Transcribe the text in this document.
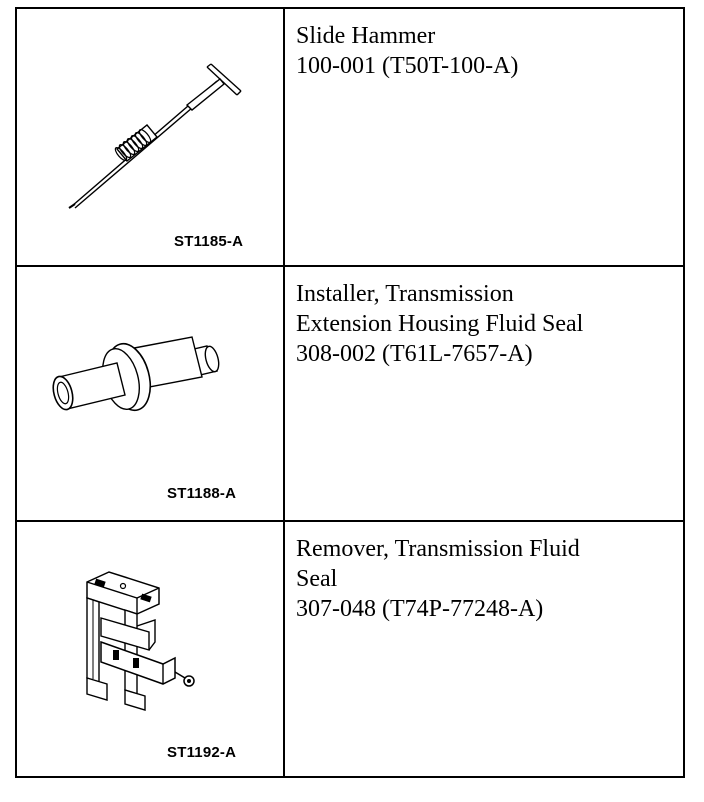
ST1185-A	Slide Hammer
100-001 (T50T-100-A)

ST1188-A	Installer, Transmission
Extension Housing Fluid Seal
308-002 (T61L-7657-A)

ST1192-A	Remover, Transmission Fluid
Seal
307-048 (T74P-77248-A)
